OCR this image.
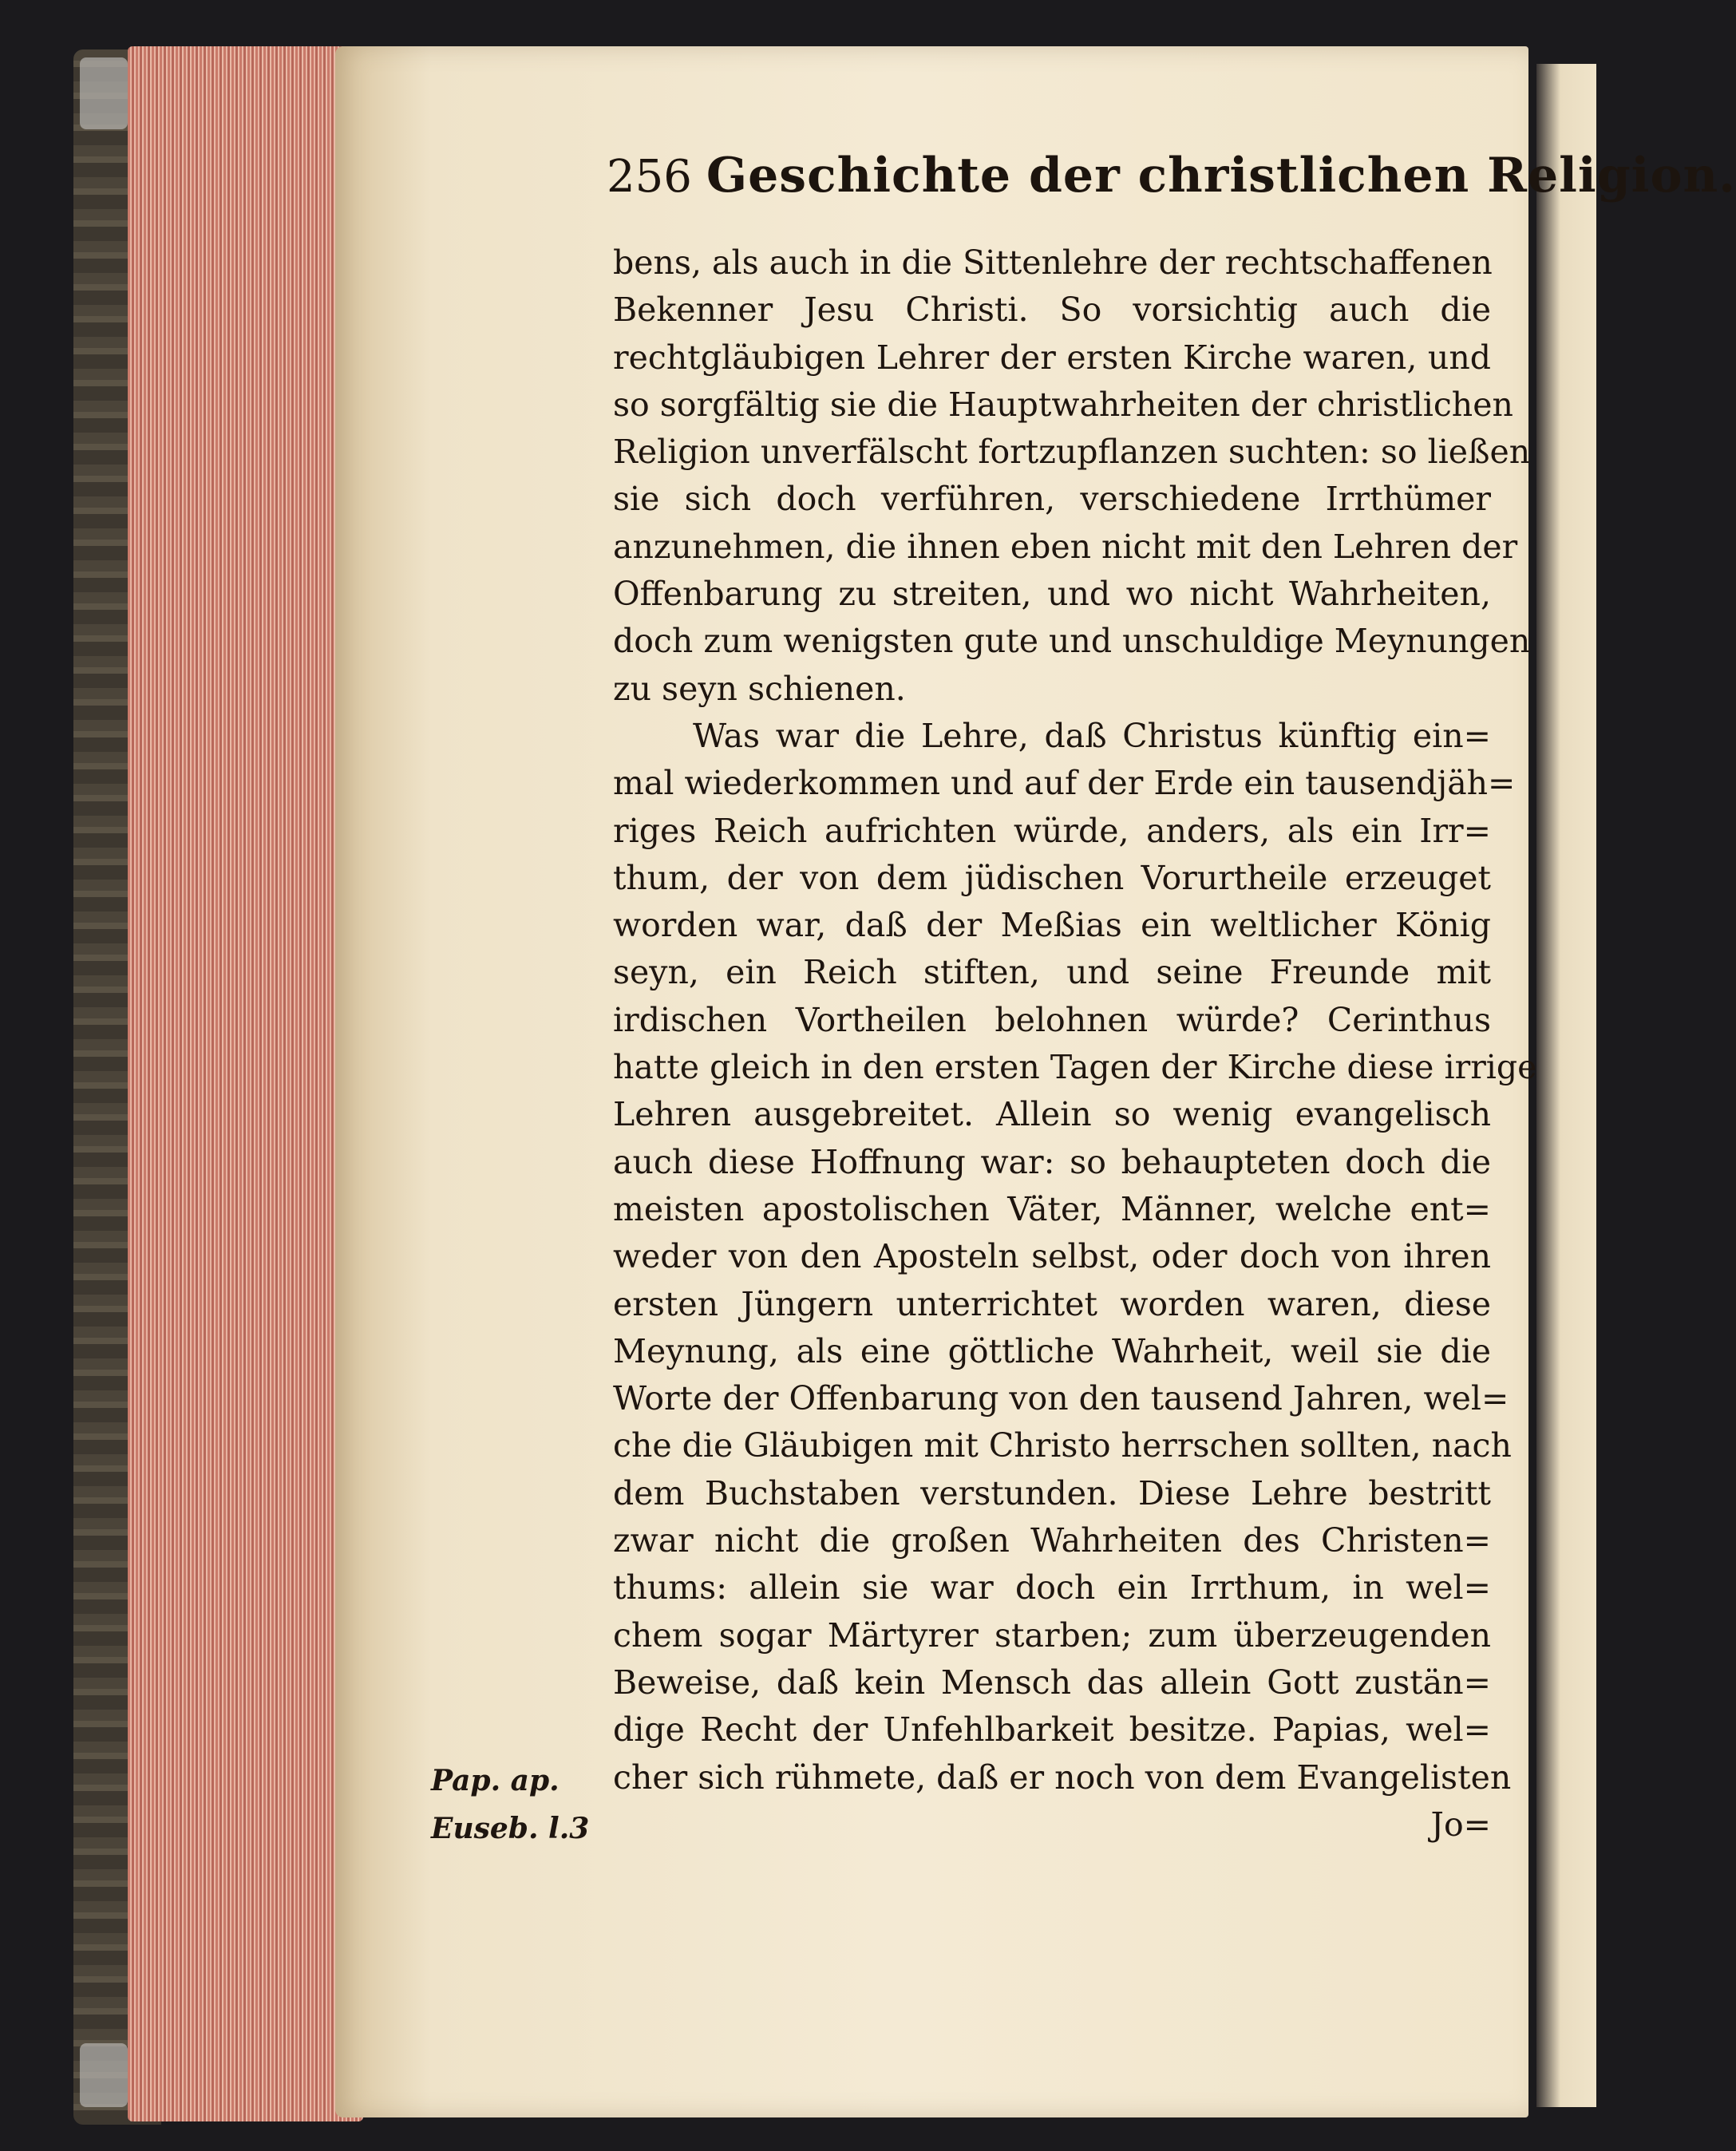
256 Geschichte der christlichen Religion.
bens, als auch in die Sittenlehre der rechtschaffenen
Bekenner Jesu Christi. So vorsichtig auch die
rechtgläubigen Lehrer der ersten Kirche waren, und
so sorgfältig sie die Hauptwahrheiten der christlichen
Religion unverfälscht fortzupflanzen suchten: so ließen
sie sich doch verführen, verschiedene Irrthümer
anzunehmen, die ihnen eben nicht mit den Lehren der
Offenbarung zu streiten, und wo nicht Wahrheiten,
doch zum wenigsten gute und unschuldige Meynungen
zu seyn schienen.
Was war die Lehre, daß Christus künftig ein=
mal wiederkommen und auf der Erde ein tausendjäh=
riges Reich aufrichten würde, anders, als ein Irr=
thum, der von dem jüdischen Vorurtheile erzeuget
worden war, daß der Meßias ein weltlicher König
seyn, ein Reich stiften, und seine Freunde mit
irdischen Vortheilen belohnen würde? Cerinthus
hatte gleich in den ersten Tagen der Kirche diese irrige
Lehren ausgebreitet. Allein so wenig evangelisch
auch diese Hoffnung war: so behaupteten doch die
meisten apostolischen Väter, Männer, welche ent=
weder von den Aposteln selbst, oder doch von ihren
ersten Jüngern unterrichtet worden waren, diese
Meynung, als eine göttliche Wahrheit, weil sie die
Worte der Offenbarung von den tausend Jahren, wel=
che die Gläubigen mit Christo herrschen sollten, nach
dem Buchstaben verstunden. Diese Lehre bestritt
zwar nicht die großen Wahrheiten des Christen=
thums: allein sie war doch ein Irrthum, in wel=
chem sogar Märtyrer starben; zum überzeugenden
Beweise, daß kein Mensch das allein Gott zustän=
dige Recht der Unfehlbarkeit besitze. Papias, wel=
cher sich rühmete, daß er noch von dem Evangelisten
Jo=
Pap. ap.
Euseb. l.3
